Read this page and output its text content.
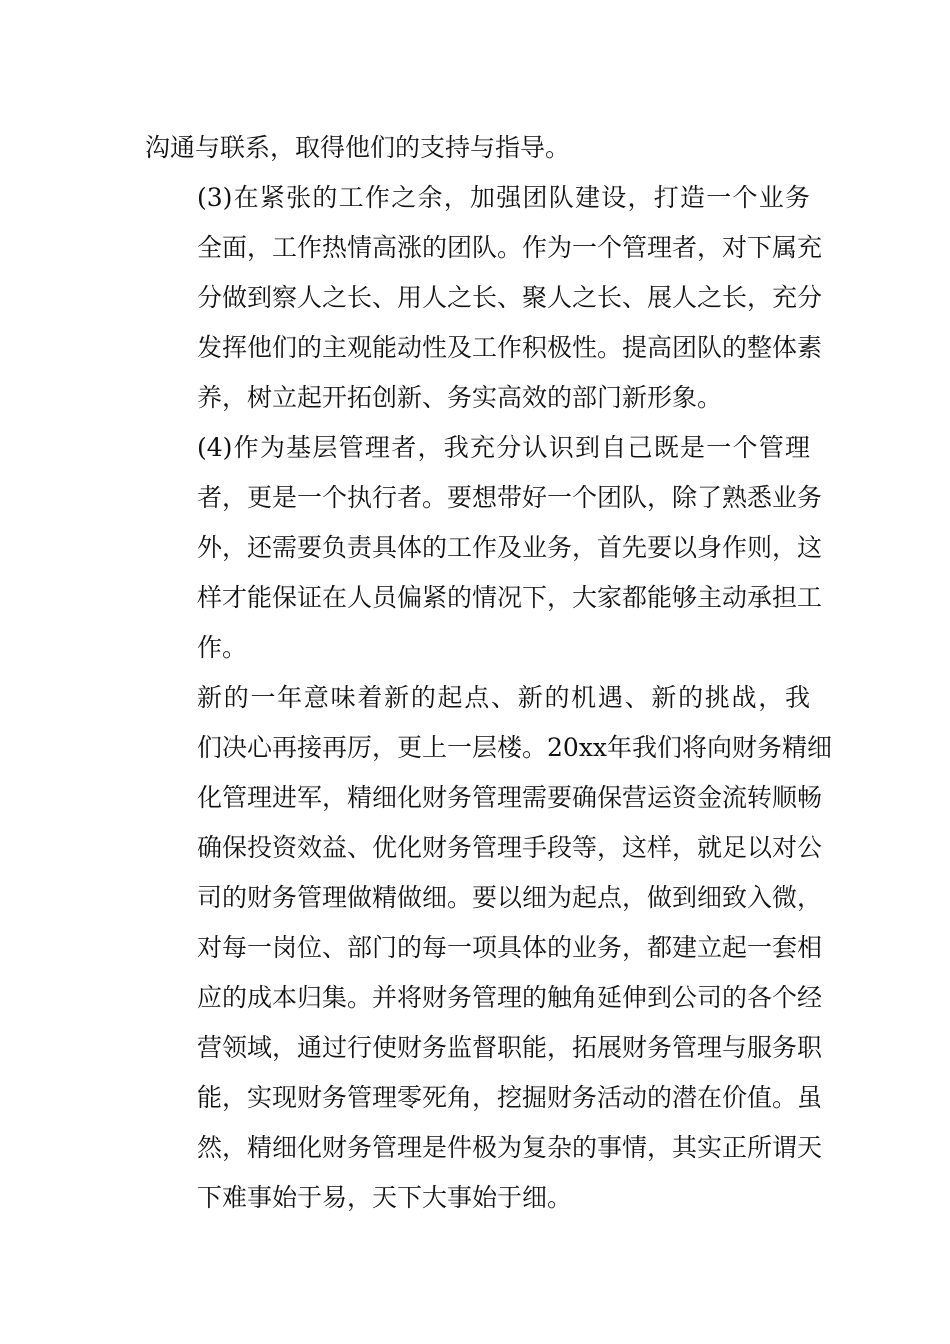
沟通与联系，取得他们的支持与指导。

(3)在紧张的工作之余，加强团队建设，打造一个业务
全面，工作热情高涨的团队。作为一个管理者，对下属充
分做到察人之长、用人之长、聚人之长、展人之长，充分
发挥他们的主观能动性及工作积极性。提高团队的整体素
养，树立起开拓创新、务实高效的部门新形象。

(4)作为基层管理者，我充分认识到自己既是一个管理
者，更是一个执行者。要想带好一个团队，除了熟悉业务
外，还需要负责具体的工作及业务，首先要以身作则，这
样才能保证在人员偏紧的情况下，大家都能够主动承担工
作。

新的一年意味着新的起点、新的机遇、新的挑战，我
们决心再接再厉，更上一层楼。20xx年我们将向财务精细
化管理进军，精细化财务管理需要确保营运资金流转顺畅
确保投资效益、优化财务管理手段等，这样，就足以对公
司的财务管理做精做细。要以细为起点，做到细致入微，
对每一岗位、部门的每一项具体的业务，都建立起一套相
应的成本归集。并将财务管理的触角延伸到公司的各个经
营领域，通过行使财务监督职能，拓展财务管理与服务职
能，实现财务管理零死角，挖掘财务活动的潜在价值。虽
然，精细化财务管理是件极为复杂的事情，其实正所谓天
下难事始于易，天下大事始于细。
